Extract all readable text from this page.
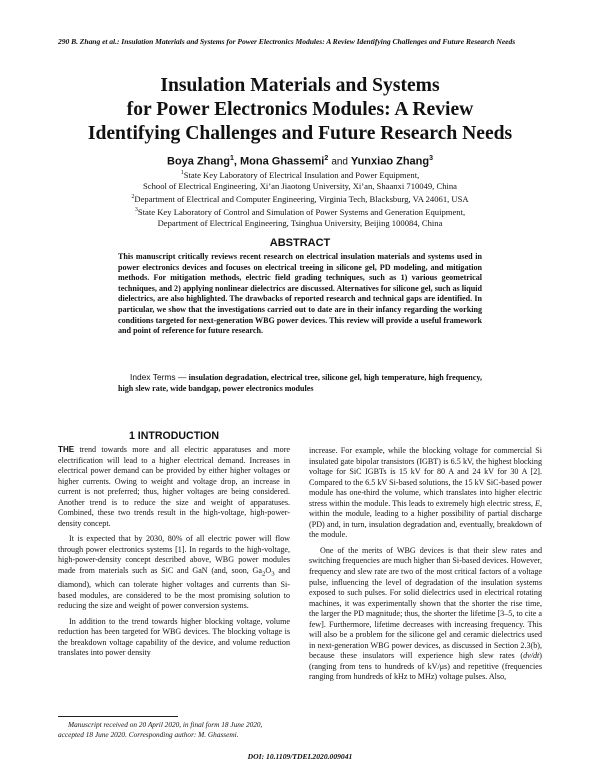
290 B. Zhang et al.: Insulation Materials and Systems for Power Electronics Modules: A Review Identifying Challenges and Future Research Needs
Insulation Materials and Systems
for Power Electronics Modules: A Review
Identifying Challenges and Future Research Needs
Boya Zhang$^1$, Mona Ghassemi$^2$ and Yunxiao Zhang$^3$
$^1$State Key Laboratory of Electrical Insulation and Power Equipment,
School of Electrical Engineering, Xi’an Jiaotong University, Xi’an, Shaanxi 710049, China
$^2$Department of Electrical and Computer Engineering, Virginia Tech, Blacksburg, VA 24061, USA
$^3$State Key Laboratory of Control and Simulation of Power Systems and Generation Equipment,
Department of Electrical Engineering, Tsinghua University, Beijing 100084, China
ABSTRACT
This manuscript critically reviews recent research on electrical insulation materials and systems used in power electronics devices and focuses on electrical treeing in silicone gel, PD modeling, and mitigation methods. For mitigation methods, electric field grading techniques, such as 1) various geometrical techniques, and 2) applying nonlinear dielectrics are discussed. Alternatives for silicone gel, such as liquid dielectrics, are also highlighted. The drawbacks of reported research and technical gaps are identified. In particular, we show that the investigations carried out to date are in their infancy regarding the working conditions targeted for next-generation WBG power devices. This review will provide a useful framework and point of reference for future research.
Index Terms — insulation degradation, electrical tree, silicone gel, high temperature, high frequency, high slew rate, wide bandgap, power electronics modules
1 INTRODUCTION

THE trend towards more and all electric apparatuses and more electrification will lead to a higher electrical demand. Increases in electrical power demand can be provided by either higher voltages or higher currents. Owing to weight and voltage drop, an increase in current is not preferred; thus, higher voltages are being considered. Another trend is to reduce the size and weight of apparatuses. Combined, these two trends result in the high-voltage, high-power-density concept.

It is expected that by 2030, 80% of all electric power will flow through power electronics systems [1]. In regards to the high-voltage, high-power-density concept described above, WBG power modules made from materials such as SiC and GaN (and, soon, $Ga_2O_3$ and diamond), which can tolerate higher voltages and currents than Si-based modules, are considered to be the most promising solution to reducing the size and weight of power conversion systems.

In addition to the trend towards higher blocking voltage, volume reduction has been targeted for WBG devices. The blocking voltage is the breakdown voltage capability of the device, and volume reduction translates into power density

increase. For example, while the blocking voltage for commercial Si insulated gate bipolar transistors (IGBT) is 6.5 kV, the highest blocking voltage for SiC IGBTs is 15 kV for 80 A and 24 kV for 30 A [2]. Compared to the 6.5 kV Si-based solutions, the 15 kV SiC-based power module has one-third the volume, which translates into higher electric stress within the module. This leads to extremely high electric stress, E, within the module, leading to a higher possibility of partial discharge (PD) and, in turn, insulation degradation and, eventually, breakdown of the module.

One of the merits of WBG devices is that their slew rates and switching frequencies are much higher than Si-based devices. However, frequency and slew rate are two of the most critical factors of a voltage pulse, influencing the level of degradation of the insulation systems exposed to such pulses. For solid dielectrics used in electrical rotating machines, it was experimentally shown that the shorter the rise time, the larger the PD magnitude; thus, the shorter the lifetime [3–5, to cite a few]. Furthermore, lifetime decreases with increasing frequency. This will also be a problem for the silicone gel and ceramic dielectrics used in next-generation WBG power devices, as discussed in Section 2.3(b), because these insulators will experience high slew rates (dv/dt) (ranging from tens to hundreds of kV/μs) and repetitive (frequencies ranging from hundreds of kHz to MHz) voltage pulses. Also,

Manuscript received on 20 April 2020, in final form 18 June 2020, accepted 18 June 2020. Corresponding author: M. Ghassemi.
DOI: 10.1109/TDEI.2020.009041
